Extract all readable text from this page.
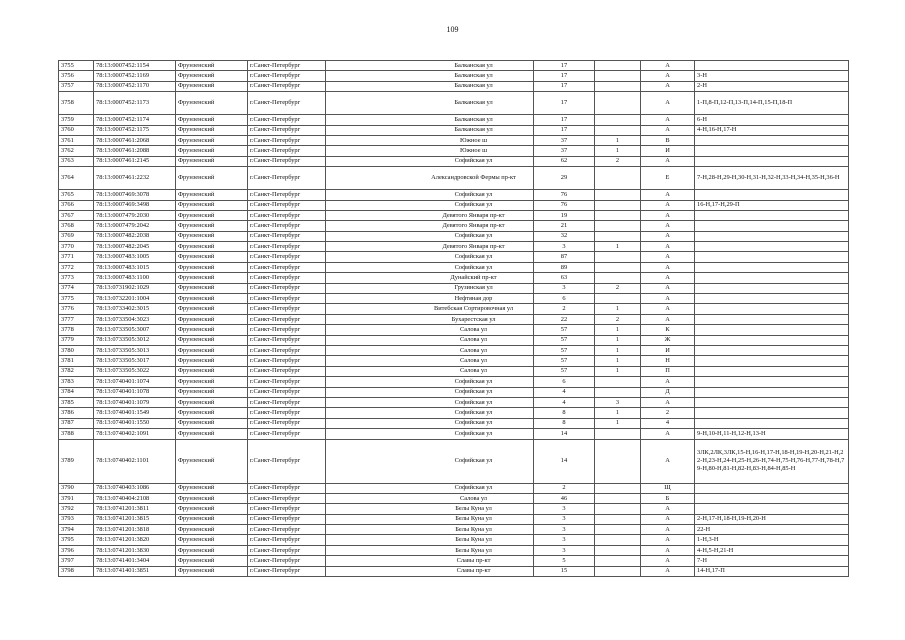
109
3755	78:13:0007452:1154	Фрунзенский	г.Санкт-Петербург	Балканская ул	17		А	
3756	78:13:0007452:1169	Фрунзенский	г.Санкт-Петербург	Балканская ул	17		А	3-Н
3757	78:13:0007452:1170	Фрунзенский	г.Санкт-Петербург	Балканская ул	17		А	2-Н
3758	78:13:0007452:1173	Фрунзенский	г.Санкт-Петербург	Балканская ул	17		А	1-П,8-П,12-П,13-П,14-П,15-П,18-П
3759	78:13:0007452:1174	Фрунзенский	г.Санкт-Петербург	Балканская ул	17		А	6-Н
3760	78:13:0007452:1175	Фрунзенский	г.Санкт-Петербург	Балканская ул	17		А	4-Н,16-Н,17-Н
3761	78:13:0007461:2068	Фрунзенский	г.Санкт-Петербург	Южное ш	37	1	В	
3762	78:13:0007461:2088	Фрунзенский	г.Санкт-Петербург	Южное ш	37	1	И	
3763	78:13:0007461:2145	Фрунзенский	г.Санкт-Петербург	Софийская ул	62	2	А	
3764	78:13:0007461:2232	Фрунзенский	г.Санкт-Петербург	Александровской Фермы пр-кт	29		Е	7-Н,28-Н,29-Н,30-Н,31-Н,32-Н,33-Н,34-Н,35-Н,36-Н
3765	78:13:0007469:3078	Фрунзенский	г.Санкт-Петербург	Софийская ул	76		А	
3766	78:13:0007469:3498	Фрунзенский	г.Санкт-Петербург	Софийская ул	76		А	16-Н,17-Н,29-П
3767	78:13:0007479:2030	Фрунзенский	г.Санкт-Петербург	Девятого Января пр-кт	19		А	
3768	78:13:0007479:2042	Фрунзенский	г.Санкт-Петербург	Девятого Января пр-кт	21		А	
3769	78:13:0007482:2038	Фрунзенский	г.Санкт-Петербург	Софийская ул	32		А	
3770	78:13:0007482:2045	Фрунзенский	г.Санкт-Петербург	Девятого Января пр-кт	3	1	А	
3771	78:13:0007483:1005	Фрунзенский	г.Санкт-Петербург	Софийская ул	87		А	
3772	78:13:0007483:1015	Фрунзенский	г.Санкт-Петербург	Софийская ул	89		А	
3773	78:13:0007483:1100	Фрунзенский	г.Санкт-Петербург	Дунайский пр-кт	63		А	
3774	78:13:0731902:1029	Фрунзенский	г.Санкт-Петербург	Грузинская ул	3	2	А	
3775	78:13:0732201:1004	Фрунзенский	г.Санкт-Петербург	Нефтяная дор	6		А	
3776	78:13:0733402:3015	Фрунзенский	г.Санкт-Петербург	Витебская Сортировочная ул	2	1	А	
3777	78:13:0733504:3023	Фрунзенский	г.Санкт-Петербург	Бухарестская ул	22	2	А	
3778	78:13:0733505:3007	Фрунзенский	г.Санкт-Петербург	Салова ул	57	1	К	
3779	78:13:0733505:3012	Фрунзенский	г.Санкт-Петербург	Салова ул	57	1	Ж	
3780	78:13:0733505:3013	Фрунзенский	г.Санкт-Петербург	Салова ул	57	1	И	
3781	78:13:0733505:3017	Фрунзенский	г.Санкт-Петербург	Салова ул	57	1	Н	
3782	78:13:0733505:3022	Фрунзенский	г.Санкт-Петербург	Салова ул	57	1	П	
3783	78:13:0740401:1074	Фрунзенский	г.Санкт-Петербург	Софийская ул	6		А	
3784	78:13:0740401:1078	Фрунзенский	г.Санкт-Петербург	Софийская ул	4		Д	
3785	78:13:0740401:1079	Фрунзенский	г.Санкт-Петербург	Софийская ул	4	3	А	
3786	78:13:0740401:1549	Фрунзенский	г.Санкт-Петербург	Софийская ул	8	1	2	
3787	78:13:0740401:1550	Фрунзенский	г.Санкт-Петербург	Софийская ул	8	1	4	
3788	78:13:0740402:1091	Фрунзенский	г.Санкт-Петербург	Софийская ул	14		А	9-Н,10-Н,11-Н,12-Н,13-Н
3789	78:13:0740402:1101	Фрунзенский	г.Санкт-Петербург	Софийская ул	14		А	3ЛК,2ЛК,3ЛК,15-Н,16-Н,17-Н,18-Н,19-Н,20-Н,21-Н,22-Н,23-Н,24-Н,25-Н,26-Н,74-Н,75-Н,76-Н,77-Н,78-Н,79-Н,80-Н,81-Н,82-Н,83-Н,84-Н,85-Н
3790	78:13:0740403:1086	Фрунзенский	г.Санкт-Петербург	Софийская ул	2		Щ	
3791	78:13:0740404:2108	Фрунзенский	г.Санкт-Петербург	Салова ул	46		Б	
3792	78:13:0741201:3811	Фрунзенский	г.Санкт-Петербург	Белы Куна ул	3		А	
3793	78:13:0741201:3815	Фрунзенский	г.Санкт-Петербург	Белы Куна ул	3		А	2-Н,17-Н,18-Н,19-Н,20-Н
3794	78:13:0741201:3818	Фрунзенский	г.Санкт-Петербург	Белы Куна ул	3		А	22-Н
3795	78:13:0741201:3820	Фрунзенский	г.Санкт-Петербург	Белы Куна ул	3		А	1-Н,3-Н
3796	78:13:0741201:3830	Фрунзенский	г.Санкт-Петербург	Белы Куна ул	3		А	4-Н,5-Н,21-Н
3797	78:13:0741401:3404	Фрунзенский	г.Санкт-Петербург	Славы пр-кт	5		А	7-Н
3798	78:13:0741401:3851	Фрунзенский	г.Санкт-Петербург	Славы пр-кт	15		А	14-Н,17-П
